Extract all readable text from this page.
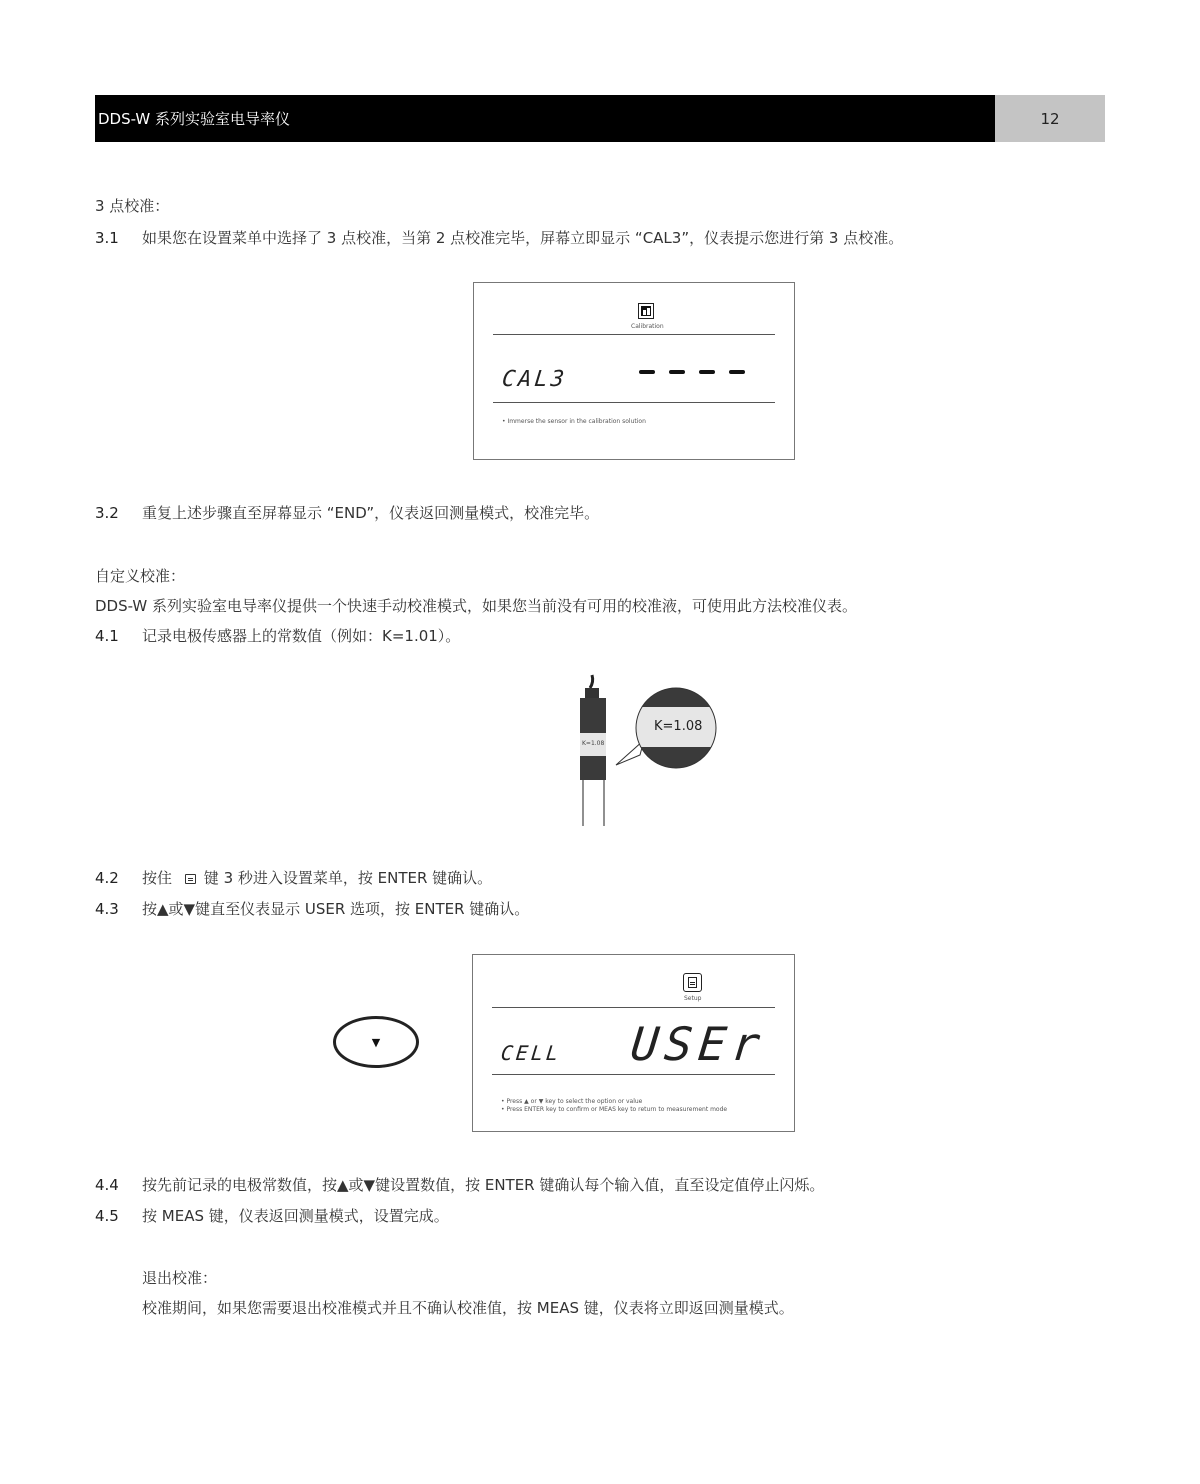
DDS-W 系列实验室电导率仪	12
3 点校准：
3.1 如果您在设置菜单中选择了 3 点校准，当第 2 点校准完毕，屏幕立即显示 “CAL3”，仪表提示您进行第 3 点校准。
Calibration
CAL3
• Immerse the sensor in the calibration solution
3.2 重复上述步骤直至屏幕显示 “END”，仪表返回测量模式，校准完毕。
自定义校准：
DDS-W 系列实验室电导率仪提供一个快速手动校准模式，如果您当前没有可用的校准液，可使用此方法校准仪表。
4.1 记录电极传感器上的常数值（例如：K=1.01）。
K=1.08
K=1.08
4.2 按住 键 3 秒进入设置菜单，按 ENTER 键确认。
4.3 按▲或▼键直至仪表显示 USER 选项，按 ENTER 键确认。
▼
Setup
CELL USEr
• Press ▲ or ▼ key to select the option or value
• Press ENTER key to confirm or MEAS key to return to measurement mode
4.4 按先前记录的电极常数值，按▲或▼键设置数值，按 ENTER 键确认每个输入值，直至设定值停止闪烁。
4.5 按 MEAS 键，仪表返回测量模式，设置完成。
退出校准：
校准期间，如果您需要退出校准模式并且不确认校准值，按 MEAS 键，仪表将立即返回测量模式。
